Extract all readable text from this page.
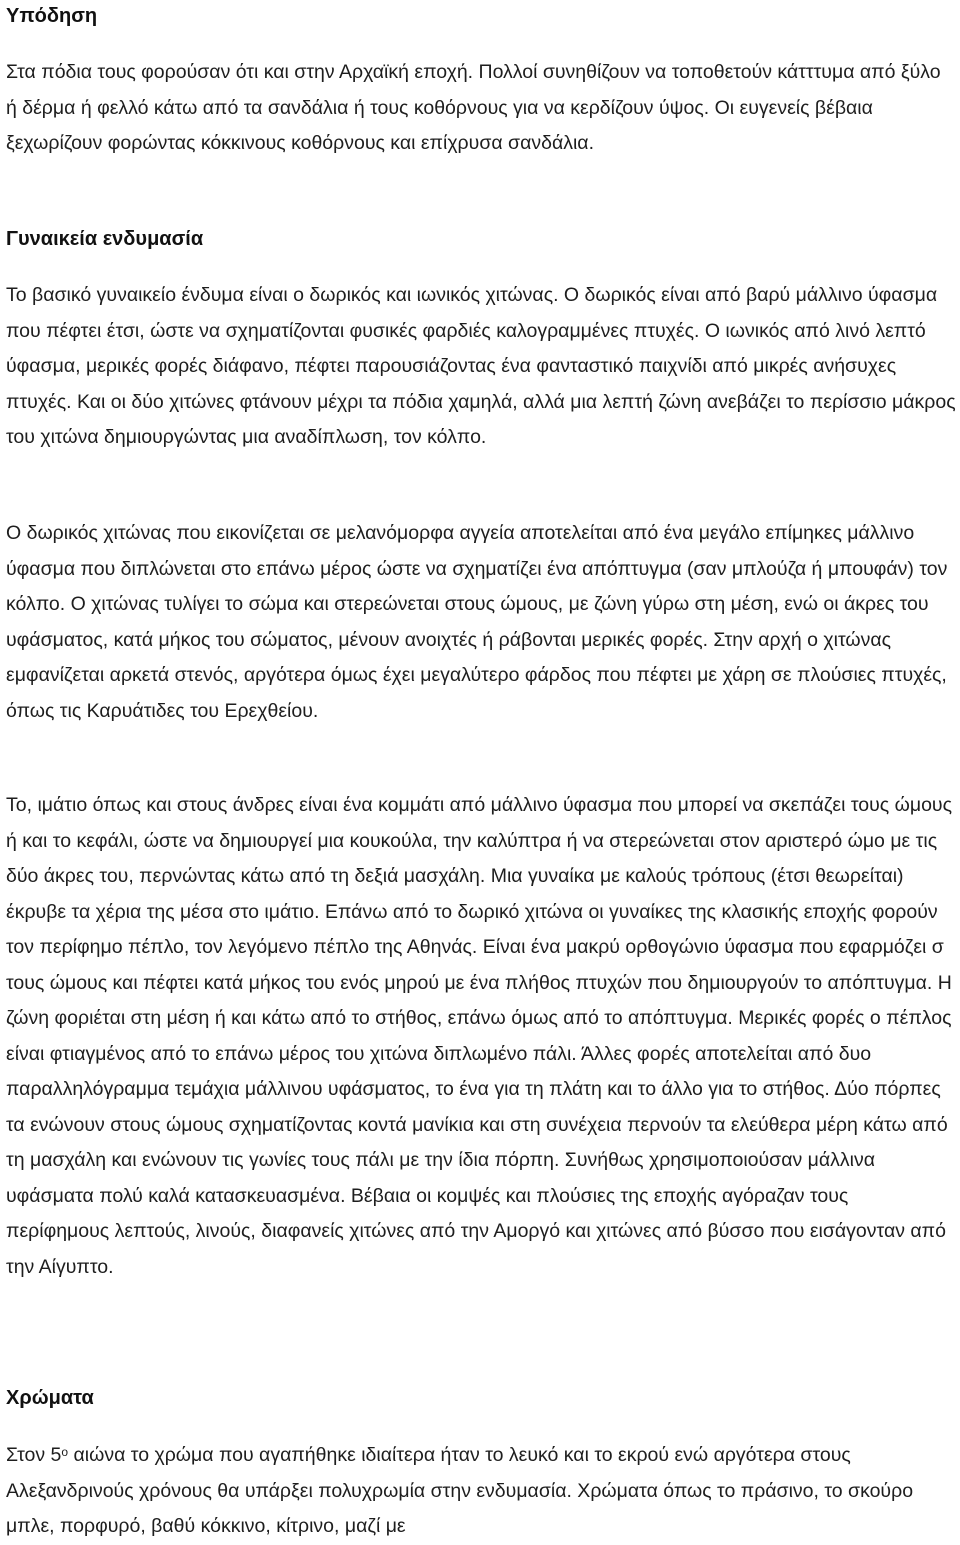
Υπόδηση

Στα πόδια τους φορούσαν ότι και στην Αρχαϊκή εποχή. Πολλοί συνηθίζουν να τοποθετούν κάτττυμα από ξύλο ή δέρμα ή φελλό κάτω από τα σανδάλια ή τους κοθόρνους για να κερδίζουν ύψος. Οι ευγενείς βέβαια ξεχωρίζουν φορώντας κόκκινους κοθόρνους και επίχρυσα σανδάλια.

Γυναικεία ενδυμασία

Το βασικό γυναικείο ένδυμα είναι ο δωρικός και ιωνικός χιτώνας. Ο δωρικός είναι από βαρύ μάλλινο ύφασμα που πέφτει έτσι, ώστε να σχηματίζονται φυσικές φαρδιές καλογραμμένες πτυχές. Ο ιωνικός από λινό λεπτό ύφασμα, μερικές φορές διάφανο, πέφτει παρουσιάζοντας ένα φανταστικό παιχνίδι από μικρές ανήσυχες πτυχές. Και οι δύο χιτώνες φτάνουν μέχρι τα πόδια χαμηλά, αλλά μια λεπτή ζώνη ανεβάζει το περίσσιο μάκρος του χιτώνα δημιουργώντας μια αναδίπλωση, τον κόλπο.

Ο δωρικός χιτώνας που εικονίζεται σε μελανόμορφα αγγεία αποτελείται από ένα μεγάλο επίμηκες μάλλινο ύφασμα που διπλώνεται στο επάνω μέρος ώστε να σχηματίζει ένα απόπτυγμα (σαν μπλούζα ή μπουφάν) τον κόλπο. Ο χιτώνας τυλίγει το σώμα και στερεώνεται στους ώμους, με ζώνη γύρω στη μέση, ενώ οι άκρες του υφάσματος, κατά μήκος του σώματος, μένουν ανοιχτές ή ράβονται μερικές φορές. Στην αρχή ο χιτώνας εμφανίζεται αρκετά στενός, αργότερα όμως έχει μεγαλύτερο φάρδος που πέφτει με χάρη σε πλούσιες πτυχές, όπως τις Καρυάτιδες του Ερεχθείου.

Το, ιμάτιο όπως και στους άνδρες είναι ένα κομμάτι από μάλλινο ύφασμα που μπορεί να σκεπάζει τους ώμους ή και το κεφάλι, ώστε να δημιουργεί μια κουκούλα, την καλύπτρα ή να στερεώνεται στον αριστερό ώμο με τις δύο άκρες του, περνώντας κάτω από τη δεξιά μασχάλη. Μια γυναίκα με καλούς τρόπους (έτσι θεωρείται) έκρυβε τα χέρια της μέσα στο ιμάτιο. Επάνω από το δωρικό χιτώνα οι γυναίκες της κλασικής εποχής φορούν τον περίφημο πέπλο, τον λεγόμενο πέπλο της Αθηνάς. Είναι ένα μακρύ ορθογώνιο ύφασμα που εφαρμόζει σ τους ώμους και πέφτει κατά μήκος του ενός μηρού με ένα πλήθος πτυχών που δημιουργούν το απόπτυγμα. Η ζώνη φοριέται στη μέση ή και κάτω από το στήθος, επάνω όμως από το απόπτυγμα. Μερικές φορές ο πέπλος είναι φτιαγμένος από το επάνω μέρος του χιτώνα διπλωμένο πάλι. Άλλες φορές αποτελείται από δυο παραλληλόγραμμα τεμάχια μάλλινου υφάσματος, το ένα για τη πλάτη και το άλλο για το στήθος. Δύο πόρπες τα ενώνουν στους ώμους σχηματίζοντας κοντά μανίκια και στη συνέχεια περνούν τα ελεύθερα μέρη κάτω από τη μασχάλη και ενώνουν τις γωνίες τους πάλι με την ίδια πόρπη. Συνήθως χρησιμοποιούσαν μάλλινα υφάσματα πολύ καλά κατασκευασμένα. Βέβαια οι κομψές και πλούσιες της εποχής αγόραζαν τους περίφημους λεπτούς, λινούς, διαφανείς χιτώνες από την Αμοργό και χιτώνες από βύσσο που εισάγονταν από την Αίγυπτο.

Χρώματα

Στον $5^o$ αιώνα το χρώμα που αγαπήθηκε ιδιαίτερα ήταν το λευκό και το εκρού ενώ αργότερα στους Αλεξανδρινούς χρόνους θα υπάρξει πολυχρωμία στην ενδυμασία. Χρώματα όπως το πράσινο, το σκούρο μπλε, πορφυρό, βαθύ κόκκινο, κίτρινο, μαζί με
